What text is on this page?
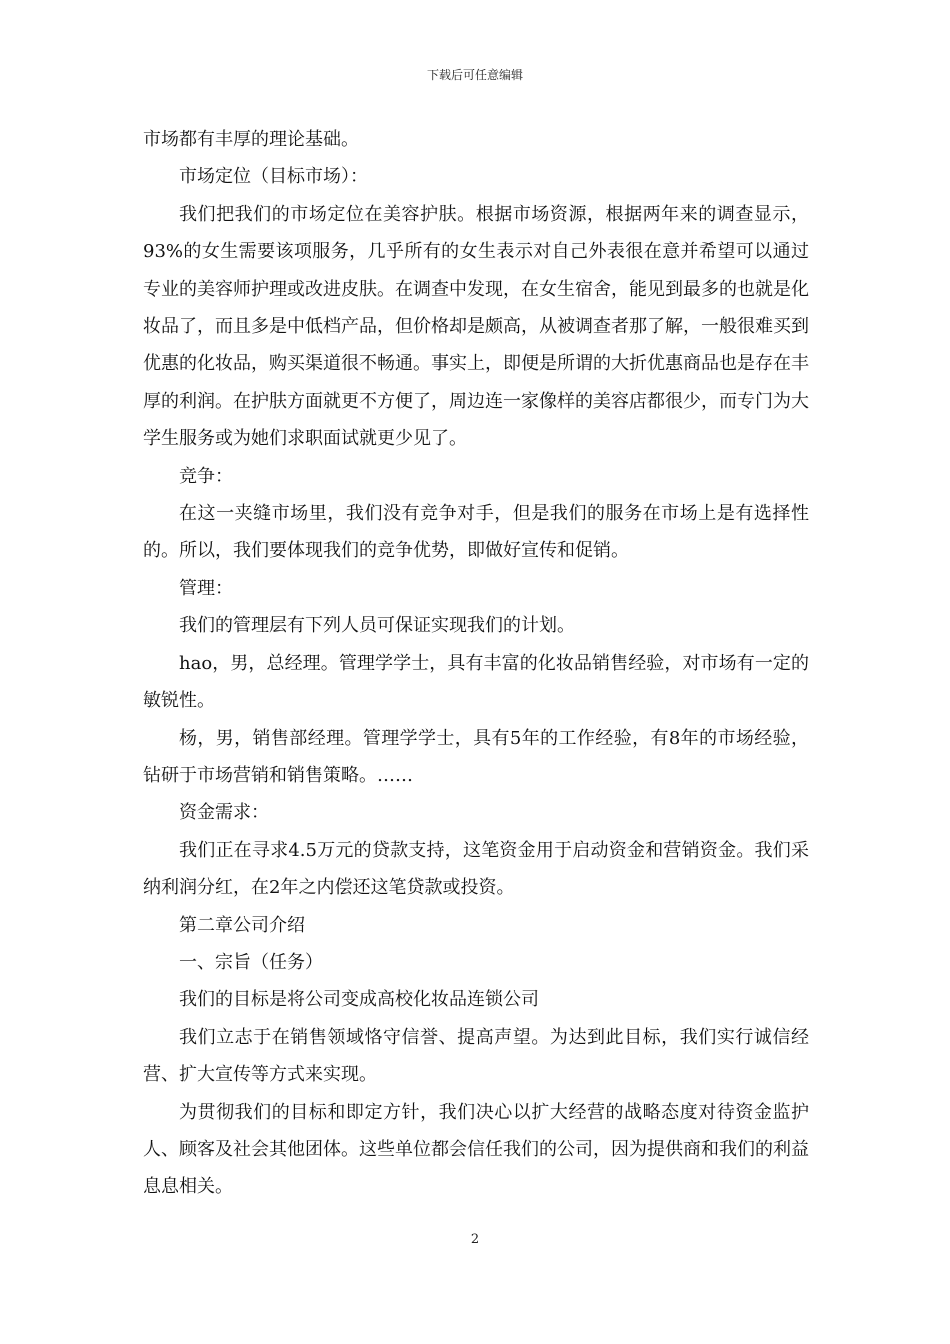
下载后可任意编辑

市场都有丰厚的理论基础。

市场定位（目标市场）：

我们把我们的市场定位在美容护肤。根据市场资源，根据两年来的调查显示，93%的女生需要该项服务，几乎所有的女生表示对自己外表很在意并希望可以通过专业的美容师护理或改进皮肤。在调查中发现，在女生宿舍，能见到最多的也就是化妆品了，而且多是中低档产品，但价格却是颇高，从被调查者那了解，一般很难买到优惠的化妆品，购买渠道很不畅通。事实上，即便是所谓的大折优惠商品也是存在丰厚的利润。在护肤方面就更不方便了，周边连一家像样的美容店都很少，而专门为大学生服务或为她们求职面试就更少见了。

竞争：

在这一夹缝市场里，我们没有竞争对手，但是我们的服务在市场上是有选择性的。所以，我们要体现我们的竞争优势，即做好宣传和促销。

管理：

我们的管理层有下列人员可保证实现我们的计划。

hao，男，总经理。管理学学士，具有丰富的化妆品销售经验，对市场有一定的敏锐性。

杨，男，销售部经理。管理学学士，具有5年的工作经验，有8年的市场经验，钻研于市场营销和销售策略。……

资金需求：

我们正在寻求4.5万元的贷款支持，这笔资金用于启动资金和营销资金。我们采纳利润分红，在2年之内偿还这笔贷款或投资。

第二章公司介绍

一、宗旨（任务）

我们的目标是将公司变成高校化妆品连锁公司

我们立志于在销售领域恪守信誉、提高声望。为达到此目标，我们实行诚信经营、扩大宣传等方式来实现。

为贯彻我们的目标和即定方针，我们决心以扩大经营的战略态度对待资金监护人、顾客及社会其他团体。这些单位都会信任我们的公司，因为提供商和我们的利益息息相关。

2
